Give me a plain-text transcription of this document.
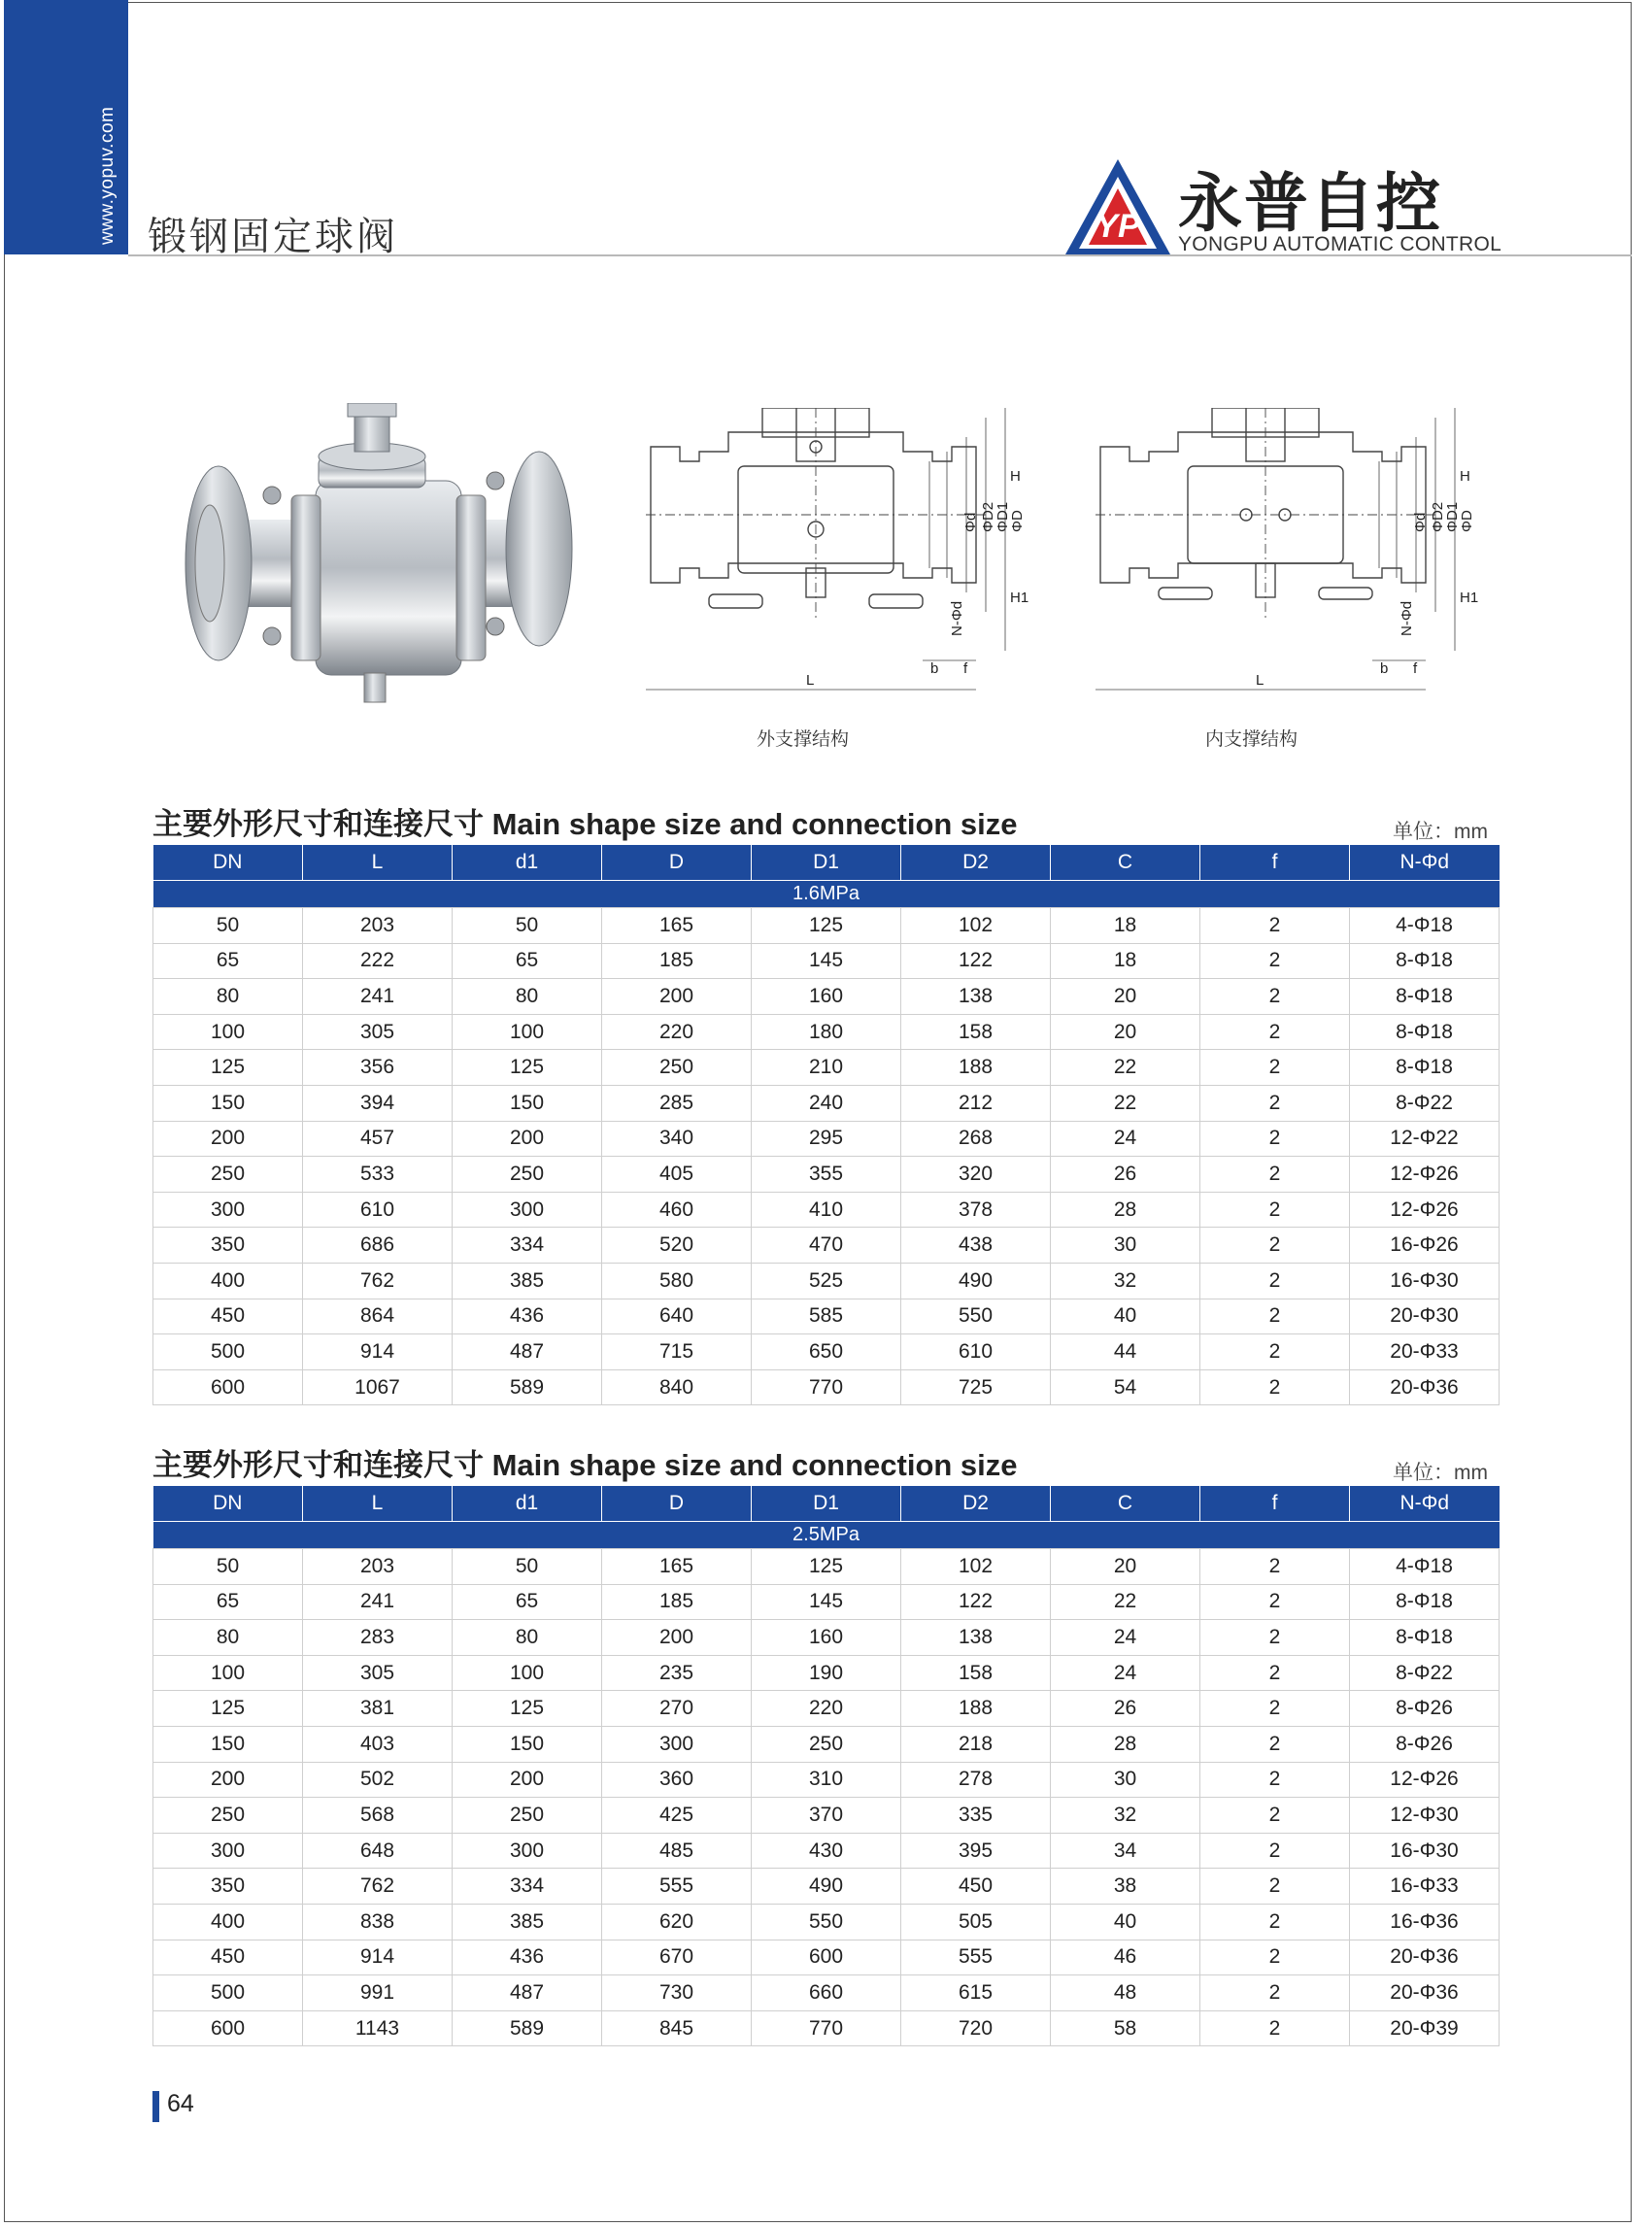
www.yopuv.com 锻钢固定球阀	YP 永普自控
YONGPU AUTOMATIC CONTROL
H
H1
Φd ΦD2
ΦD1
ΦD
N-Φd
b f
L
H
H1
Φd ΦD2
ΦD1
ΦD
N-Φd
b f
L
外支撑结构	内支撑结构
主要外形尺寸和连接尺寸 Main shape size and connection size	单位：mm
DN	L	d1	D	D1	D2	C	f	N-Φd
1.6MPa								
50	203	50	165	125	102	18	2	4-Φ18
65	222	65	185	145	122	18	2	8-Φ18
80	241	80	200	160	138	20	2	8-Φ18
100	305	100	220	180	158	20	2	8-Φ18
125	356	125	250	210	188	22	2	8-Φ18
150	394	150	285	240	212	22	2	8-Φ22
200	457	200	340	295	268	24	2	12-Φ22
250	533	250	405	355	320	26	2	12-Φ26
300	610	300	460	410	378	28	2	12-Φ26
350	686	334	520	470	438	30	2	16-Φ26
400	762	385	580	525	490	32	2	16-Φ30
450	864	436	640	585	550	40	2	20-Φ30
500	914	487	715	650	610	44	2	20-Φ33
600	1067	589	840	770	725	54	2	20-Φ36
主要外形尺寸和连接尺寸 Main shape size and connection size	单位：mm
DN	L	d1	D	D1	D2	C	f	N-Φd
2.5MPa								
50	203	50	165	125	102	20	2	4-Φ18
65	241	65	185	145	122	22	2	8-Φ18
80	283	80	200	160	138	24	2	8-Φ18
100	305	100	235	190	158	24	2	8-Φ22
125	381	125	270	220	188	26	2	8-Φ26
150	403	150	300	250	218	28	2	8-Φ26
200	502	200	360	310	278	30	2	12-Φ26
250	568	250	425	370	335	32	2	12-Φ30
300	648	300	485	430	395	34	2	16-Φ30
350	762	334	555	490	450	38	2	16-Φ33
400	838	385	620	550	505	40	2	16-Φ36
450	914	436	670	600	555	46	2	20-Φ36
500	991	487	730	660	615	48	2	20-Φ36
600	1143	589	845	770	720	58	2	20-Φ39
64
